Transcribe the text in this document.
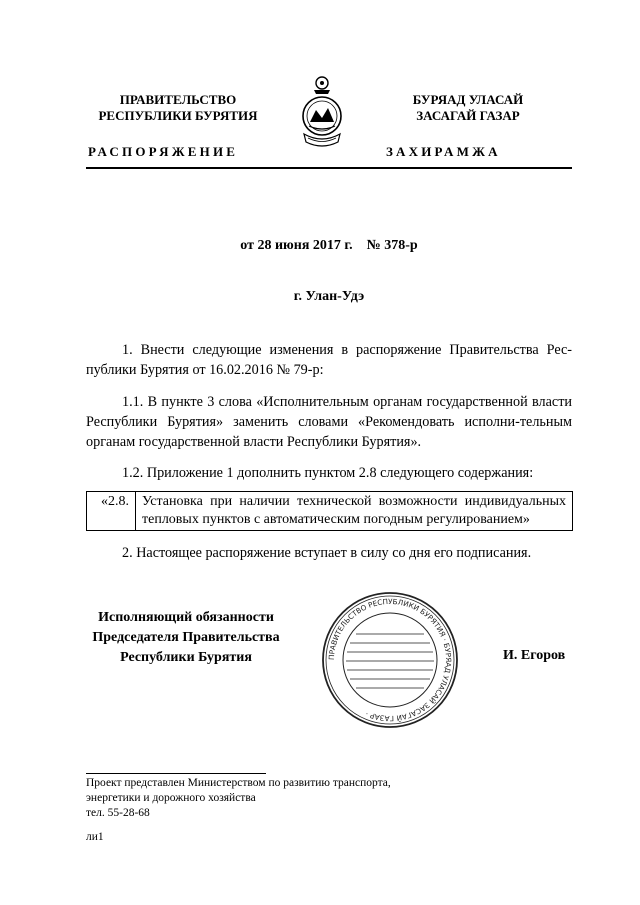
ПРАВИТЕЛЬСТВО
РЕСПУБЛИКИ БУРЯТИЯ
БУРЯАД УЛАСАЙ
ЗАСАГАЙ ГАЗАР
РАСПОРЯЖЕНИЕ	ЗАХИРАМЖА
от 28 июня 2017 г.    № 378-р
г. Улан-Удэ
1. Внести следующие изменения в распоряжение Правительства Рес-публики Бурятия от 16.02.2016 № 79-р:
1.1. В пункте 3 слова «Исполнительным органам государственной власти Республики Бурятия» заменить словами «Рекомендовать исполни-тельным органам государственной власти Республики Бурятия».
1.2. Приложение 1 дополнить пунктом 2.8 следующего содержания:
«2.8.	Установка при наличии технической возможности индивидуальных тепловых пунктов с автоматическим погодным регулированием»
2. Настоящее распоряжение вступает в силу со дня его подписания.
Исполняющий обязанности
Председателя Правительства
Республики Бурятия	И. Егоров
ПРАВИТЕЛЬСТВО РЕСПУБЛИКИ БУРЯТИЯ · БУРЯАД УЛАСАЙ ЗАСАГАЙ ГАЗАР ·
Проект представлен Министерством по развитию транспорта,
энергетики и дорожного хозяйства
тел. 55-28-68
ли1
